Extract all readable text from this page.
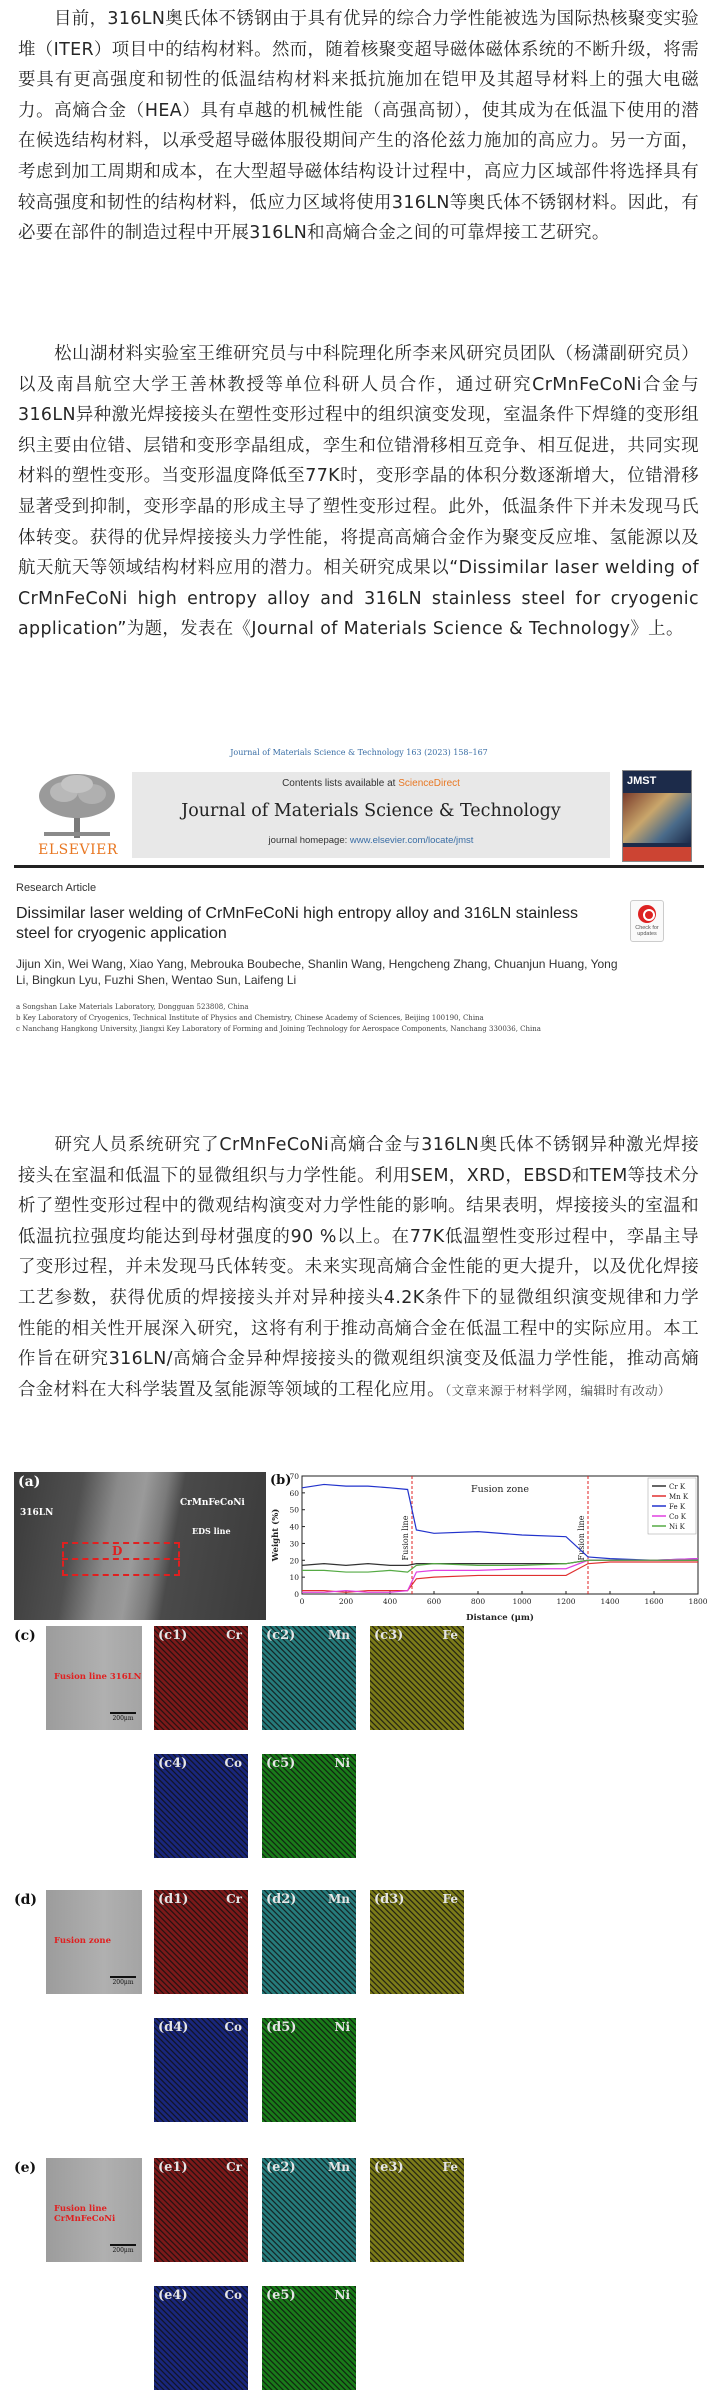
目前，316LN奥氏体不锈钢由于具有优异的综合力学性能被选为国际热核聚变实验堆（ITER）项目中的结构材料。然而，随着核聚变超导磁体磁体系统的不断升级，将需要具有更高强度和韧性的低温结构材料来抵抗施加在铠甲及其超导材料上的强大电磁力。高熵合金（HEA）具有卓越的机械性能（高强高韧），使其成为在低温下使用的潜在候选结构材料，以承受超导磁体服役期间产生的洛伦兹力施加的高应力。另一方面，考虑到加工周期和成本，在大型超导磁体结构设计过程中，高应力区域部件将选择具有较高强度和韧性的结构材料，低应力区域将使用316LN等奥氏体不锈钢材料。因此，有必要在部件的制造过程中开展316LN和高熵合金之间的可靠焊接工艺研究。
松山湖材料实验室王维研究员与中科院理化所李来风研究员团队（杨潇副研究员）以及南昌航空大学王善林教授等单位科研人员合作，通过研究CrMnFeCoNi合金与316LN异种激光焊接接头在塑性变形过程中的组织演变发现，室温条件下焊缝的变形组织主要由位错、层错和变形孪晶组成，孪生和位错滑移相互竞争、相互促进，共同实现材料的塑性变形。当变形温度降低至77K时，变形孪晶的体积分数逐渐增大，位错滑移显著受到抑制，变形孪晶的形成主导了塑性变形过程。此外，低温条件下并未发现马氏体转变。获得的优异焊接接头力学性能，将提高高熵合金作为聚变反应堆、氢能源以及航天航天等领域结构材料应用的潜力。相关研究成果以“Dissimilar laser welding of CrMnFeCoNi high entropy alloy and 316LN stainless steel for cryogenic application”为题，发表在《Journal of Materials Science & Technology》上。
Journal of Materials Science & Technology 163 (2023) 158–167
ELSEVIER
Contents lists available at ScienceDirect
Journal of Materials Science & Technology
journal homepage: www.elsevier.com/locate/jmst
JMST
Research Article
Dissimilar laser welding of CrMnFeCoNi high entropy alloy and 316LN stainless steel for cryogenic application	Check for updates
Jijun Xin, Wei Wang, Xiao Yang, Mebrouka Boubeche, Shanlin Wang, Hengcheng Zhang, Chuanjun Huang, Yong Li, Bingkun Lyu, Fuzhi Shen, Wentao Sun, Laifeng Li
a Songshan Lake Materials Laboratory, Dongguan 523808, China
b Key Laboratory of Cryogenics, Technical Institute of Physics and Chemistry, Chinese Academy of Sciences, Beijing 100190, China
c Nanchang Hangkong University, Jiangxi Key Laboratory of Forming and Joining Technology for Aerospace Components, Nanchang 330036, China
研究人员系统研究了CrMnFeCoNi高熵合金与316LN奥氏体不锈钢异种激光焊接接头在室温和低温下的显微组织与力学性能。利用SEM，XRD，EBSD和TEM等技术分析了塑性变形过程中的微观结构演变对力学性能的影响。结果表明，焊接接头的室温和低温抗拉强度均能达到母材强度的90 %以上。在77K低温塑性变形过程中，孪晶主导了变形过程，并未发现马氏体转变。未来实现高熵合金性能的更大提升，以及优化焊接工艺参数，获得优质的焊接接头并对异种接头4.2K条件下的显微组织演变规律和力学性能的相关性开展深入研究，这将有利于推动高熵合金在低温工程中的实际应用。本工作旨在研究316LN/高熵合金异种焊接接头的微观组织演变及低温力学性能，推动高熵合金材料在大科学装置及氢能源等领域的工程化应用。（文章来源于材料学网，编辑时有改动）
(a)
316LN
CrMnFeCoNi
EDS line
D
(b)
0	200	400	600	800	1000	1200	1400	1600	1800
0
10
20
30
40
50
60
70
Distance (μm)
Weight (%)	Fusion line	Fusion line
Fusion zone	Cr K
Mn K
Fe K
Co K
Ni K
(c)
Fusion line 316LN
200μm
(c1)	Cr (c2)	Mn (c3)	Fe
(c4)	Co (c5)	Ni
(d)
Fusion zone
200μm
(d1)	Cr (d2)	Mn (d3)	Fe
(d4)	Co (d5)	Ni
(e)
Fusion line CrMnFeCoNi
200μm
(e1)	Cr (e2)	Mn (e3)	Fe
(e4)	Co (e5)	Ni
